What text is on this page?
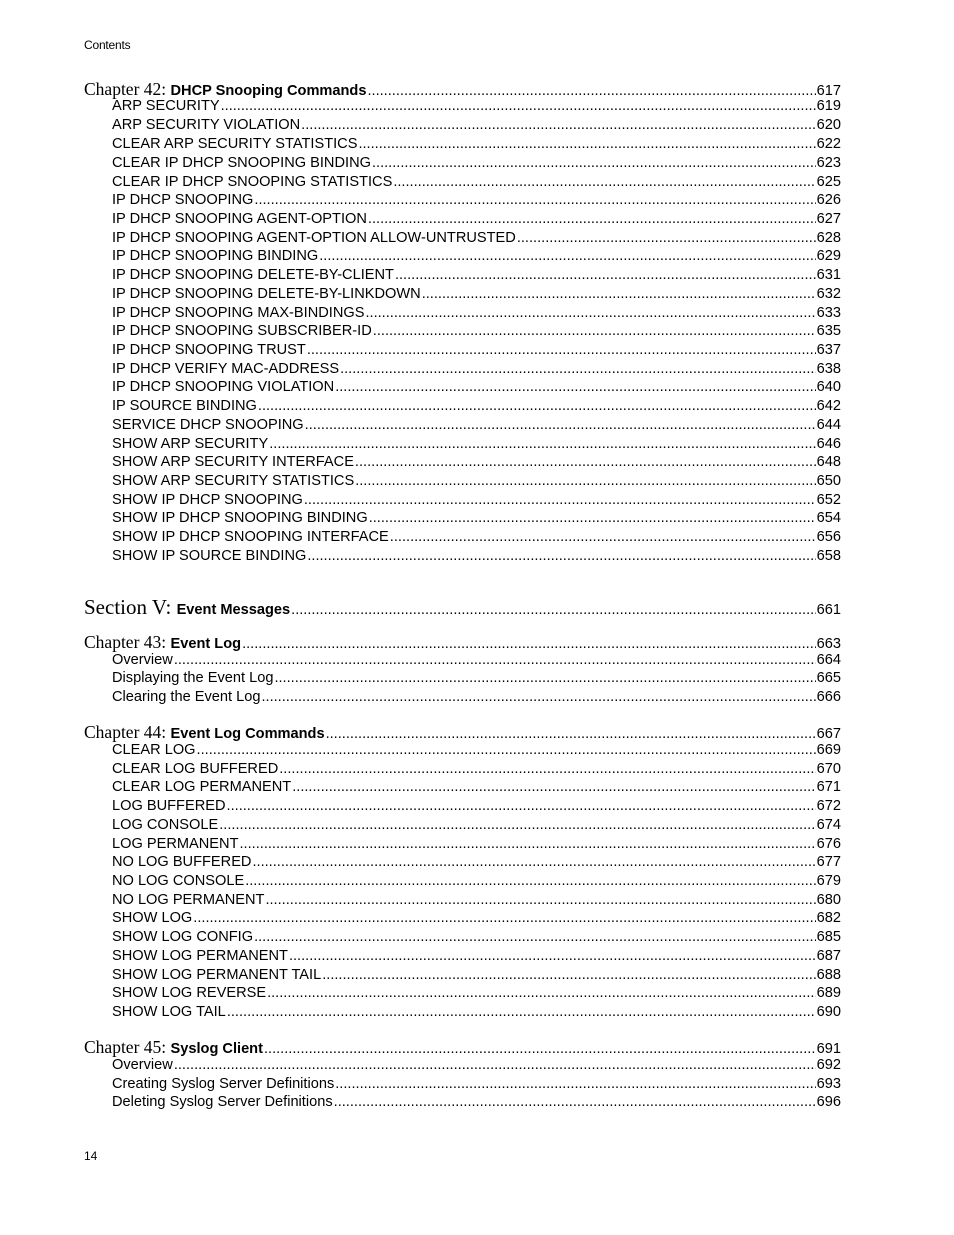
Contents
Chapter 42: DHCP Snooping Commands .....	617
ARP SECURITY .....	619
ARP SECURITY VIOLATION .....	620
CLEAR ARP SECURITY STATISTICS .....	622
CLEAR IP DHCP SNOOPING BINDING .....	623
CLEAR IP DHCP SNOOPING STATISTICS .....	625
IP DHCP SNOOPING .....	626
IP DHCP SNOOPING AGENT-OPTION .....	627
IP DHCP SNOOPING AGENT-OPTION ALLOW-UNTRUSTED .....	628
IP DHCP SNOOPING BINDING .....	629
IP DHCP SNOOPING DELETE-BY-CLIENT .....	631
IP DHCP SNOOPING DELETE-BY-LINKDOWN .....	632
IP DHCP SNOOPING MAX-BINDINGS .....	633
IP DHCP SNOOPING SUBSCRIBER-ID .....	635
IP DHCP SNOOPING TRUST .....	637
IP DHCP VERIFY MAC-ADDRESS .....	638
IP DHCP SNOOPING VIOLATION .....	640
IP SOURCE BINDING .....	642
SERVICE DHCP SNOOPING .....	644
SHOW ARP SECURITY .....	646
SHOW ARP SECURITY INTERFACE .....	648
SHOW ARP SECURITY STATISTICS .....	650
SHOW IP DHCP SNOOPING .....	652
SHOW IP DHCP SNOOPING BINDING .....	654
SHOW IP DHCP SNOOPING INTERFACE .....	656
SHOW IP SOURCE BINDING .....	658
Section V: Event Messages .....	661
Chapter 43: Event Log .....	663
Overview .....	664
Displaying the Event Log .....	665
Clearing the Event Log .....	666
Chapter 44: Event Log Commands .....	667
CLEAR LOG .....	669
CLEAR LOG BUFFERED .....	670
CLEAR LOG PERMANENT .....	671
LOG BUFFERED .....	672
LOG CONSOLE .....	674
LOG PERMANENT .....	676
NO LOG BUFFERED .....	677
NO LOG CONSOLE .....	679
NO LOG PERMANENT .....	680
SHOW LOG .....	682
SHOW LOG CONFIG .....	685
SHOW LOG PERMANENT .....	687
SHOW LOG PERMANENT TAIL .....	688
SHOW LOG REVERSE .....	689
SHOW LOG TAIL .....	690
Chapter 45: Syslog Client .....	691
Overview .....	692
Creating Syslog Server Definitions .....	693
Deleting Syslog Server Definitions .....	696
14
